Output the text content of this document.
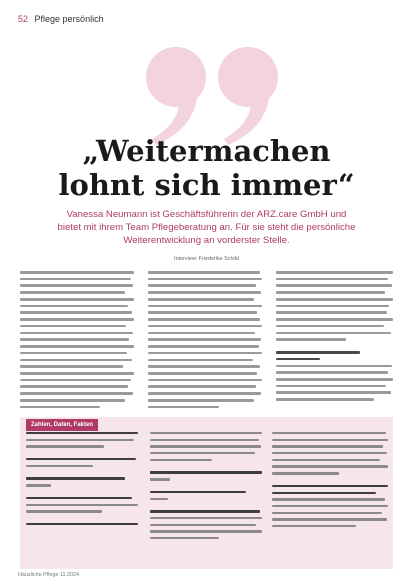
52 Pflege persönlich
„Weitermachen
lohnt sich immer“
Vanessa Neumann ist Geschäftsführerin der ARZ.care GmbH und
bietet mit ihrem Team Pflegeberatung an. Für sie steht die persönliche
Weiterentwicklung an vorderster Stelle.
Interview: Friederike Schild
Zahlen, Daten, Fakten
Häusliche Pflege 11.2024
